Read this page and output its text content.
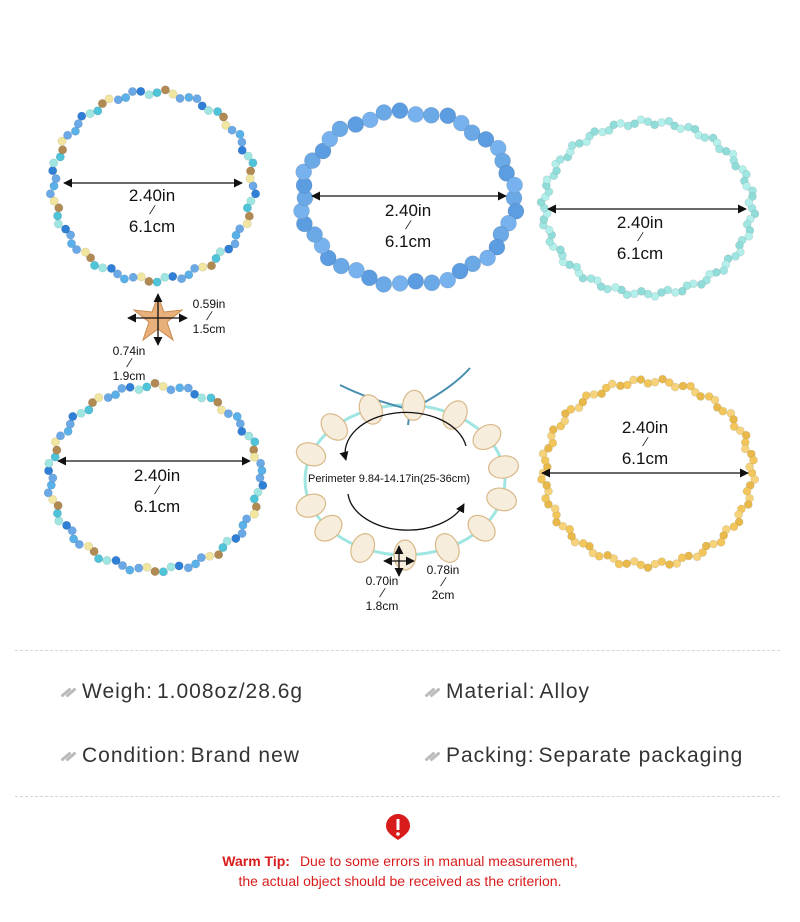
2.40in
/
6.1cm
2.40in
/
6.1cm
2.40in
/
6.1cm
2.40in
/
6.1cm
2.40in
/
6.1cm
0.59in
/
1.5cm
0.74in
/
1.9cm
0.70in
/
1.8cm
0.78in
/
2cm
Perimeter 9.84-14.17in(25-36cm)
Weigh: 1.008oz/28.6g	Material: Alloy
Condition: Brand new	Packing: Separate packaging
Warm Tip: Due to some errors in manual measurement,
the actual object should be received as the criterion.
